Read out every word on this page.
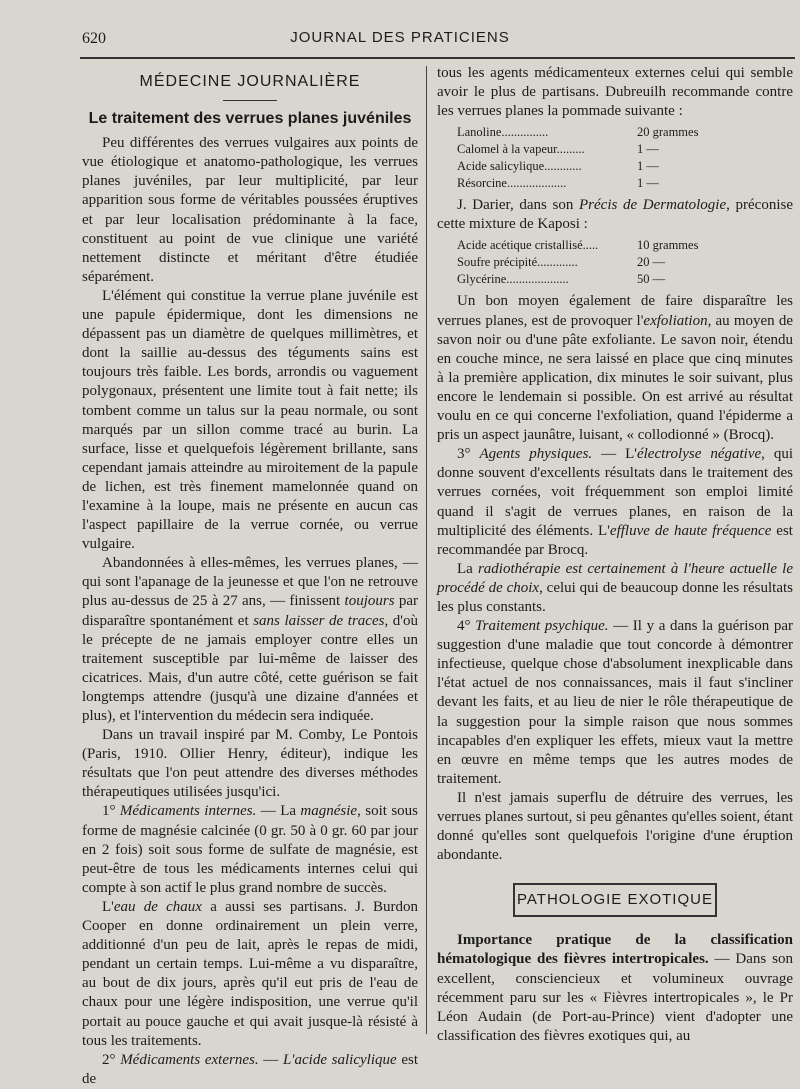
620	JOURNAL DES PRATICIENS
MÉDECINE JOURNALIÈRE
Le traitement des verrues planes juvéniles

Peu différentes des verrues vulgaires aux points de vue étiologique et anatomo-pathologique, les verrues planes juvéniles, par leur multiplicité, par leur apparition sous forme de véritables poussées éruptives et par leur localisation prédominante à la face, constituent au point de vue clinique une variété nettement distincte et méritant d'être étudiée séparément.

L'élément qui constitue la verrue plane juvénile est une papule épidermique, dont les dimensions ne dépassent pas un diamètre de quelques millimètres, et dont la saillie au-dessus des téguments sains est toujours très faible. Les bords, arrondis ou vaguement polygonaux, présentent une limite tout à fait nette; ils tombent comme un talus sur la peau normale, ou sont marqués par un sillon comme tracé au burin. La surface, lisse et quelquefois légèrement brillante, sans cependant jamais atteindre au miroitement de la papule de lichen, est très finement mamelonnée quand on l'examine à la loupe, mais ne présente en aucun cas l'aspect papillaire de la verrue cornée, ou verrue vulgaire.

Abandonnées à elles-mêmes, les verrues planes, — qui sont l'apanage de la jeunesse et que l'on ne retrouve plus au-dessus de 25 à 27 ans, — finissent toujours par disparaître spontanément et sans laisser de traces, d'où le précepte de ne jamais employer contre elles un traitement susceptible par lui-même de laisser des cicatrices. Mais, d'un autre côté, cette guérison se fait longtemps attendre (jusqu'à une dizaine d'années et plus), et l'intervention du médecin sera indiquée.

Dans un travail inspiré par M. Comby, Le Pontois (Paris, 1910. Ollier Henry, éditeur), indique les résultats que l'on peut attendre des diverses méthodes thérapeutiques utilisées jusqu'ici.

1° Médicaments internes. — La magnésie, soit sous forme de magnésie calcinée (0 gr. 50 à 0 gr. 60 par jour en 2 fois) soit sous forme de sulfate de magnésie, est peut-être de tous les médicaments internes celui qui compte à son actif le plus grand nombre de succès.

L'eau de chaux a aussi ses partisans. J. Burdon Cooper en donne ordinairement un plein verre, additionné d'un peu de lait, après le repas de midi, pendant un certain temps. Lui-même a vu disparaître, au bout de dix jours, après qu'il eut pris de l'eau de chaux pour une légère indisposition, une verrue qu'il portait au pouce gauche et qui avait jusque-là résisté à tous les traitements.

2° Médicaments externes. — L'acide salicylique est de

tous les agents médicamenteux externes celui qui semble avoir le plus de partisans. Dubreuilh recommande contre les verrues planes la pommade suivante :

Lanoline...............	20 grammes
Calomel à la vapeur.........	1 —
Acide salicylique............	1 —
Résorcine...................	1 —

J. Darier, dans son Précis de Dermatologie, préconise cette mixture de Kaposi :

Acide acétique cristallisé.....	10 grammes
Soufre précipité.............	20 —
Glycérine....................	50 —

Un bon moyen également de faire disparaître les verrues planes, est de provoquer l'exfoliation, au moyen de savon noir ou d'une pâte exfoliante. Le savon noir, étendu en couche mince, ne sera laissé en place que cinq minutes à la première application, dix minutes le soir suivant, plus encore le lendemain si possible. On est arrivé au résultat voulu en ce qui concerne l'exfoliation, quand l'épiderme a pris un aspect jaunâtre, luisant, « collodionné » (Brocq).

3° Agents physiques. — L'électrolyse négative, qui donne souvent d'excellents résultats dans le traitement des verrues cornées, voit fréquemment son emploi limité quand il s'agit de verrues planes, en raison de la multiplicité des éléments. L'effluve de haute fréquence est recommandée par Brocq.

La radiothérapie est certainement à l'heure actuelle le procédé de choix, celui qui de beaucoup donne les résultats les plus constants.

4° Traitement psychique. — Il y a dans la guérison par suggestion d'une maladie que tout concorde à démontrer infectieuse, quelque chose d'absolument inexplicable dans l'état actuel de nos connaissances, mais il faut s'incliner devant les faits, et au lieu de nier le rôle thérapeutique de la suggestion pour la simple raison que nous sommes incapables d'en expliquer les effets, mieux vaut la mettre en œuvre en même temps que les autres modes de traitement.

Il n'est jamais superflu de détruire des verrues, les verrues planes surtout, si peu gênantes qu'elles soient, étant donné qu'elles sont quelquefois l'origine d'une éruption abondante.

PATHOLOGIE EXOTIQUE

Importance pratique de la classification hématologique des fièvres intertropicales. — Dans son excellent, consciencieux et volumineux ouvrage récemment paru sur les « Fièvres intertropicales », le Pr Léon Audain (de Port-au-Prince) vient d'adopter une classification des fièvres exotiques qui, au
